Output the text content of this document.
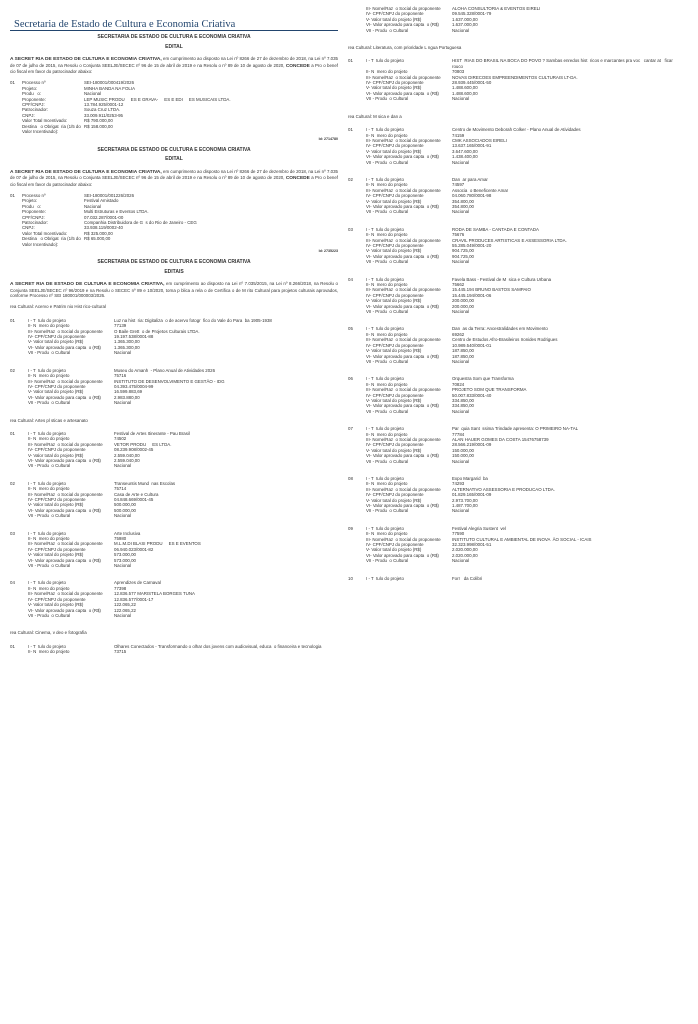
Secretaria de Estado de Cultura e Economia Criativa
SECRETARIA DE ESTADO DE CULTURA E ECONOMIA CRIATIVA
EDITAL
A SECRET RIA DE ESTADO DE CULTURA E ECONOMIA CRIATIVA, em cumprimento ao disposto na Lei nº 8266 de 27 de dezembro de 2018, na Lei nº 7.035 de 07 de julho de 2015, na Resolu o Conjunta SEELJE/SECEC nº 96 de 15 de abril de 2019 e na Resolu o nº 89 de 10 de agosto de 2020, CONCEDE a Pro o benef cio fiscal em favor do patrocinador abaixo:
01	Processo nº	SEI-180001/000419/2026
Projeto:	MINHA BANDA NA FOLIA
Produ   o:	Nacional
Proponente:	LEP MUSIC PRODU     ES E GRAVA-     ES E EDI     ES MUSICAIS LTDA.
CPF/CNPJ:	13.784.925/0001-12
Patrocinador:	Souza Cruz LTDA.
CNPJ:	33.009.911/0253-95
Valor Total Incentivado:	R$ 790.000,00
Destina   o Obrigat  ria (1/5 do Valor Incentivado):
R$ 158.000,00
Id: 2714780
SECRETARIA DE ESTADO DE CULTURA E ECONOMIA CRIATIVA
EDITAL
A SECRET RIA DE ESTADO DE CULTURA E ECONOMIA CRIATIVA, em cumprimento ao disposto na Lei nº 8266 de 27 de dezembro de 2018, na Lei nº 7.035 de 07 de julho de 2015, na Resolu o Conjunta SEELJE/SECEC nº 96 de 15 de abril de 2019 e na Resolu o nº 89 de 10 de agosto de 2020, CONCEDE a Pro o benef cio fiscal em favor do patrocinador abaixo:
01	Processo nº	SEI-180001/001226/2026
Projeto:	Festival Amistado
Produ   o:	Nacional
Proponente:	Multi Estruturas e Eventos LTDA.
CPF/CNPJ:	07.032.287/0001-00
Patrocinador:	Companhia Distribuidora de G  s do Rio de Janeiro - CEG
CNPJ:	33.938.119/0002-40
Valor Total Incentivado:	R$ 325.000,00
Destina   o Obrigat  ria (1/5 do Valor Incentivado):
R$ 65.000,00
Id: 2735223
SECRETARIA DE ESTADO DE CULTURA E ECONOMIA CRIATIVA
EDITAIS
A SECRET RIA DE ESTADO DE CULTURA E ECONOMIA CRIATIVA, em cumprimento ao disposto na Lei nº 7.035/2015, na Lei nº 8.266/2018, na Resolu o Conjunta SEELJE/SECEC nº 96/2019 e na Resolu o SECEC nº 89 e 10/2020, torna p blica a rela o de Certifica o de M rito Cultural para projetos culturais aprovados, conforme Processo nº SEI 180001/000003/2026.
rea Cultural: Acervo e Patrim nio Hist rico-cultural
01	I - T  tulo do projeto	Luz na hist  ria: Digitaliza  o de acervo fotogr  fico do Vale do Para  ba 1905-1938
II- N  mero do projeto	77139
III- Nome/Raz  o Social do proponente	O Baile Grett  o de Projetos Culturais LTDA.
IV- CPF/CNPJ do proponente	19.197.538/0001-88
V- Valor total do projeto (R$)	1.365.300,00
VI- Valor aprovado para capta  o (R$)	1.365.300,00
VII - Produ  o Cultural	Nacional
02	I - T  tulo do projeto	Museu do Amanh  - Plano Anual de Atividades 2026
II- N  mero do projeto	75716
III- Nome/Raz  o Social do proponente	INSTITUTO DE DESENVOLVIMENTO E GESTÃO - IDG
IV- CPF/CNPJ do proponente	04.393.475/0004-99
V- Valor total do projeto (R$)	16.599.883,69
VI- Valor aprovado para capta  o (R$)	2.983.880,00
VII - Produ  o Cultural	Nacional
rea Cultural: Artes pl sticas e artesanato
01	I - T  tulo do projeto	Festival de Artes Itinerante - Pau Brasil
II- N  mero do projeto	74502
III- Nome/Raz  o Social do proponente	VETOR PRODU     ES LTDA.
IV- CPF/CNPJ do proponente	08.239.908/0002-45
V- Valor total do projeto (R$)	2.559.040,00
VI- Valor aprovado para capta  o (R$)	2.559.040,00
VII - Produ  o Cultural	Nacional
02	I - T  tulo do projeto	Transeuntis Mund  nas Escolas
II- N  mero do projeto	75714
III- Nome/Raz  o Social do proponente	Casa de Arte e Cultura
IV- CPF/CNPJ do proponente	04.848.669/0001-45
V- Valor total do projeto (R$)	500.000,00
VI- Valor aprovado para capta  o (R$)	500.000,00
VII - Produ  o Cultural	Nacional
03	I - T  tulo do projeto	Arte Inclusiva
II- N  mero do projeto	75980
III- Nome/Raz  o Social do proponente	M.L.M.DI BLASI PRODU     ES E EVENTOS
IV- CPF/CNPJ do proponente	06.940.023/0001-82
V- Valor total do projeto (R$)	573.000,00
VI- Valor aprovado para capta  o (R$)	573.000,00
VII - Produ  o Cultural	Nacional
04	I - T  tulo do projeto	Aprendizes de Carnaval
II- N  mero do projeto	77398
III- Nome/Raz  o Social do proponente	12.836.577 MARISTELA BORGES TUNA
IV- CPF/CNPJ do proponente	12.836.577/0001-17
V- Valor total do projeto (R$)	122.065,22
VI- Valor aprovado para capta  o (R$)	122.065,22
VII - Produ  o Cultural	Nacional
rea Cultural: Cinema, v deo e fotografia
01	I - T  tulo do projeto	Olhares Conectados - Transformando o olhar dos jovens com audiovisual, educa  o financeira e tecnologia
II- N  mero do projeto	73715
III- Nome/Raz  o Social do proponente	ALOHA CONSULTORIA & EVENTOS EIRELI
IV- CPF/CNPJ do proponente	09.545.328/0001-79
V- Valor total do projeto (R$)	1.637.000,00
VI- Valor aprovado para capta  o (R$)	1.637.000,00
VII - Produ  o Cultural	Nacional
rea Cultural: Literatura, com prioridade L ngua Portuguesa
01	I - T  tulo do projeto	HIST  RIAS DO BRASIL NA BOCA DO POVO ? Sambas enredos hist  ricos e marcantes pra voc   cantar at   ficar rouco
II- N  mero do projeto	70803
III- Nome/Raz  o Social do proponente	NOVAS DIRECOES EMPREENDIMENTOS CULTURAIS LT-DA.
IV- CPF/CNPJ do proponente	28.939.445/0001-50
V- Valor total do projeto (R$)	1.488.600,00
VI- Valor aprovado para capta  o (R$)	1.488.600,00
VII - Produ  o Cultural	Nacional
rea Cultural: M sica e dan a
01	I - T  tulo do projeto	Centro de Movimento Deborah Colker - Plano Anual de Atividades
II- N  mero do projeto	74159
III- Nome/Raz  o Social do proponente	CMK ASSOCIADOS EIRELI
IV- CPF/CNPJ do proponente	13.637.165/0001-91
V- Valor total do projeto (R$)	3.647.600,00
VI- Valor aprovado para capta  o (R$)	1.438.400,00
VII - Produ  o Cultural	Nacional
02	I - T  tulo do projeto	Dan  ar para Amar
II- N  mero do projeto	74597
III- Nome/Raz  o Social do proponente	Associa  o Beneficente Amar
IV- CPF/CNPJ do proponente	04.060.780/0001-98
V- Valor total do projeto (R$)	354.800,00
VI- Valor aprovado para capta  o (R$)	354.800,00
VII - Produ  o Cultural	Nacional
03	I - T  tulo do projeto	RODA DE SAMBA - CANTADA E CONTADA
II- N  mero do projeto	75676
III- Nome/Raz  o Social do proponente	CRAVIL PRODUCES ARTISTICAS E ASSESSORIA LTDA.
IV- CPF/CNPJ do proponente	55.285.049/0001-20
V- Valor total do projeto (R$)	904.725,00
VI- Valor aprovado para capta  o (R$)	904.725,00
VII - Produ  o Cultural	Nacional
04	I - T  tulo do projeto	Favela Bass - Festival de M  sica e Cultura Urbana
II- N  mero do projeto	75662
III- Nome/Raz  o Social do proponente	15.445.194 BRUNO BASTOS SAMPAIO
IV- CPF/CNPJ do proponente	15.445.194/0001-06
V- Valor total do projeto (R$)	200.000,00
VI- Valor aprovado para capta  o (R$)	200.000,00
VII - Produ  o Cultural	Nacional
05	I - T  tulo do projeto	Dan  as da Terra: Ancestralidades em Movimento
II- N  mero do projeto	69262
III- Nome/Raz  o Social do proponente	Centro de Estudos Afro-Brasileiros Ironides Rodrigues
IV- CPF/CNPJ do proponente	10.989.540/0001-01
V- Valor total do projeto (R$)	187.850,00
VI- Valor aprovado para capta  o (R$)	187.850,00
VII - Produ  o Cultural	Nacional
06	I - T  tulo do projeto	Orquestra Som que Transforma
II- N  mero do projeto	70824
III- Nome/Raz  o Social do proponente	PROJETO SOM QUE TRANSFORMA
IV- CPF/CNPJ do proponente	50.007.833/0001-40
V- Valor total do projeto (R$)	334.850,00
VI- Valor aprovado para capta  o (R$)	334.850,00
VII - Produ  o Cultural	Nacional
07	I - T  tulo do projeto	Par  quia Sant  ssima Trindade apresenta: O PRIMEIRO NA-TAL
II- N  mero do projeto	77784
III- Nome/Raz  o Social do proponente	ALAN HAUER GOMES DA COSTA 15476758739
IV- CPF/CNPJ do proponente	28.566.219/0001-09
V- Valor total do projeto (R$)	150.000,00
VI- Valor aprovado para capta  o (R$)	150.000,00
VII - Produ  o Cultural	Nacional
08	I - T  tulo do projeto	Expo Margarid  ba
II- N  mero do projeto	74293
III- Nome/Raz  o Social do proponente	ALTERNATIVO ASSESSORIA E PRODUCAO LTDA.
IV- CPF/CNPJ do proponente	01.829.165/0001-09
V- Valor total do projeto (R$)	2.973.700,00
VI- Valor aprovado para capta  o (R$)	1.487.700,00
VII - Produ  o Cultural	Nacional
09	I - T  tulo do projeto	Festival Alegria Sustent  vel
II- N  mero do projeto	77590
III- Nome/Raz  o Social do proponente	INSTITUTO CULTURAL E AMBIENTAL DE INOVA  ÃO SOCIAL - ICAIS
IV- CPF/CNPJ do proponente	32.323.998/0001-51
V- Valor total do projeto (R$)	2.020.000,00
VI- Valor aprovado para capta  o (R$)	2.020.000,00
VII - Produ  o Cultural	Nacional
10	I - T  tulo do projeto	Forr   da Colibri
